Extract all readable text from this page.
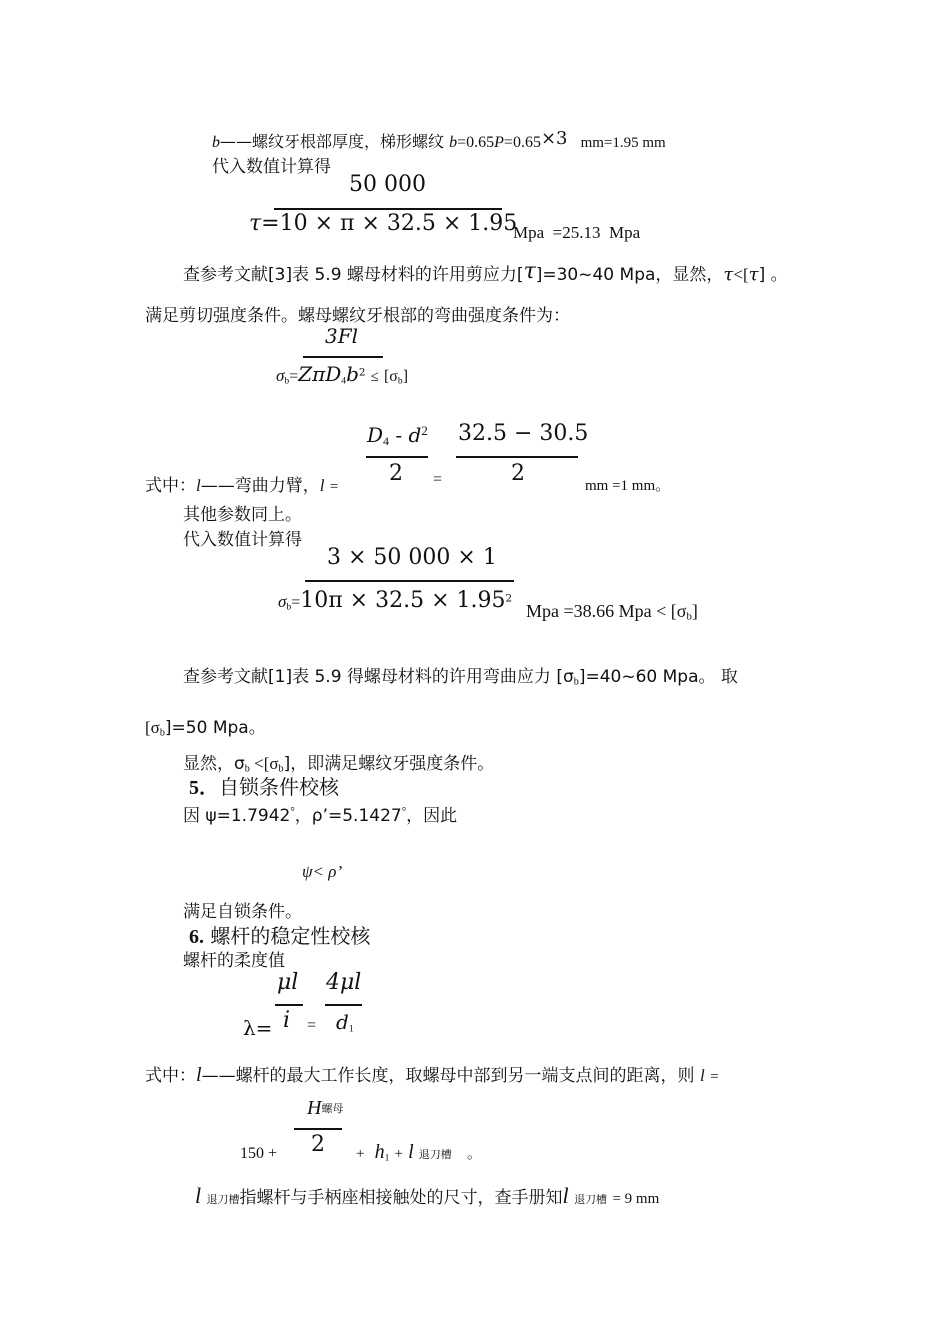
b——螺纹牙根部厚度，梯形螺纹 b=0.65P=0.65×3 mm=1.95 mm
代入数值计算得
50 000
τ=10 × π × 32.5 × 1.95
Mpa =25.13 Mpa
查参考文献[3]表 5.9 螺母材料的许用剪应力[τ]=30~40 Mpa，显然，τ<[τ] 。
满足剪切强度条件。螺母螺纹牙根部的弯曲强度条件为：
3Fl
$\sigma_b=Z\pi D_4b^2 \le [\sigma_b]$
$D_4 - d^2$
2
32.5 − 30.5
2
式中：l——弯曲力臂，l =	=	mm =1 mm。
其他参数同上。
代入数值计算得
3 × 50 000 × 1
$\sigma_b=10\pi \times 32.5 \times 1.95^2$
Mpa =38.66 Mpa < $[\sigma_b]$
查参考文献[1]表 5.9 得螺母材料的许用弯曲应力 $[\sigma_b]=40\sim 60$ Mpa。 取
$[\sigma_b]=50$ Mpa。
显然，$\sigma_b <[\sigma_b]$，即满足螺纹牙强度条件。
5．自锁条件校核
因 ψ=1.7942°，ρ’=5.1427°，因此
ψ< ρ’
满足自锁条件。
6. 螺杆的稳定性校核
螺杆的柔度值
μl
i
4μl
$d_1$
λ= =
式中：l——螺杆的最大工作长度，取螺母中部到另一端支点间的距离，则 l =
H螺母
2
150 +	+ $h_1 + l$ 退刀槽 。
l 退刀槽指螺杆与手柄座相接触处的尺寸，查手册知l 退刀槽 = 9 mm
